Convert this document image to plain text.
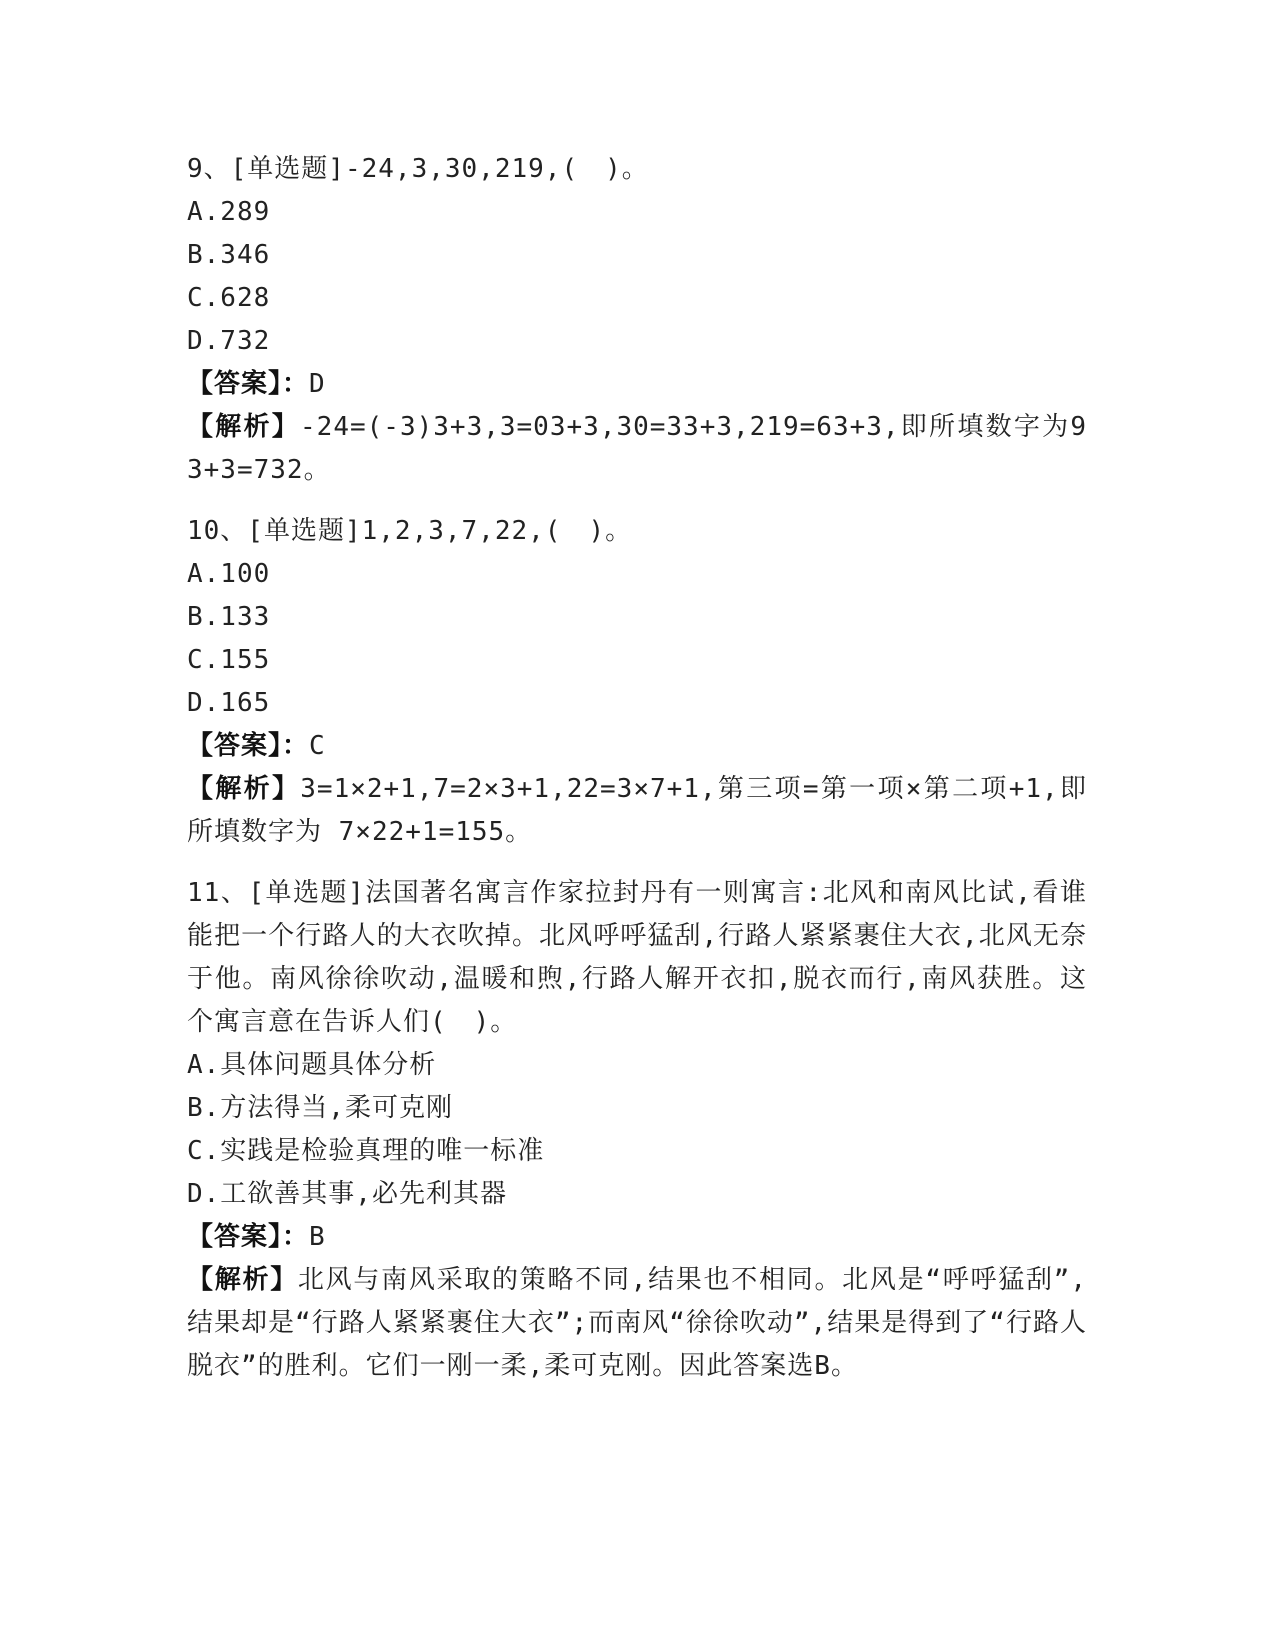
9、[单选题]-24,3,30,219,(　)。
A.289
B.346
C.628
D.732
【答案】：D
【解析】-24=(-3)3+3,3=03+3,30=33+3,219=63+3,即所填数字为93+3=732。
10、[单选题]1,2,3,7,22,(　)。
A.100
B.133
C.155
D.165
【答案】：C
【解析】3=1×2+1,7=2×3+1,22=3×7+1,第三项=第一项×第二项+1,即所填数字为 7×22+1=155。
11、[单选题]法国著名寓言作家拉封丹有一则寓言:北风和南风比试,看谁能把一个行路人的大衣吹掉。北风呼呼猛刮,行路人紧紧裹住大衣,北风无奈于他。南风徐徐吹动,温暖和煦,行路人解开衣扣,脱衣而行,南风获胜。这个寓言意在告诉人们(　)。
A.具体问题具体分析
B.方法得当,柔可克刚
C.实践是检验真理的唯一标准
D.工欲善其事,必先利其器
【答案】：B
【解析】北风与南风采取的策略不同,结果也不相同。北风是“呼呼猛刮”,结果却是“行路人紧紧裹住大衣”;而南风“徐徐吹动”,结果是得到了“行路人脱衣”的胜利。它们一刚一柔,柔可克刚。因此答案选B。
